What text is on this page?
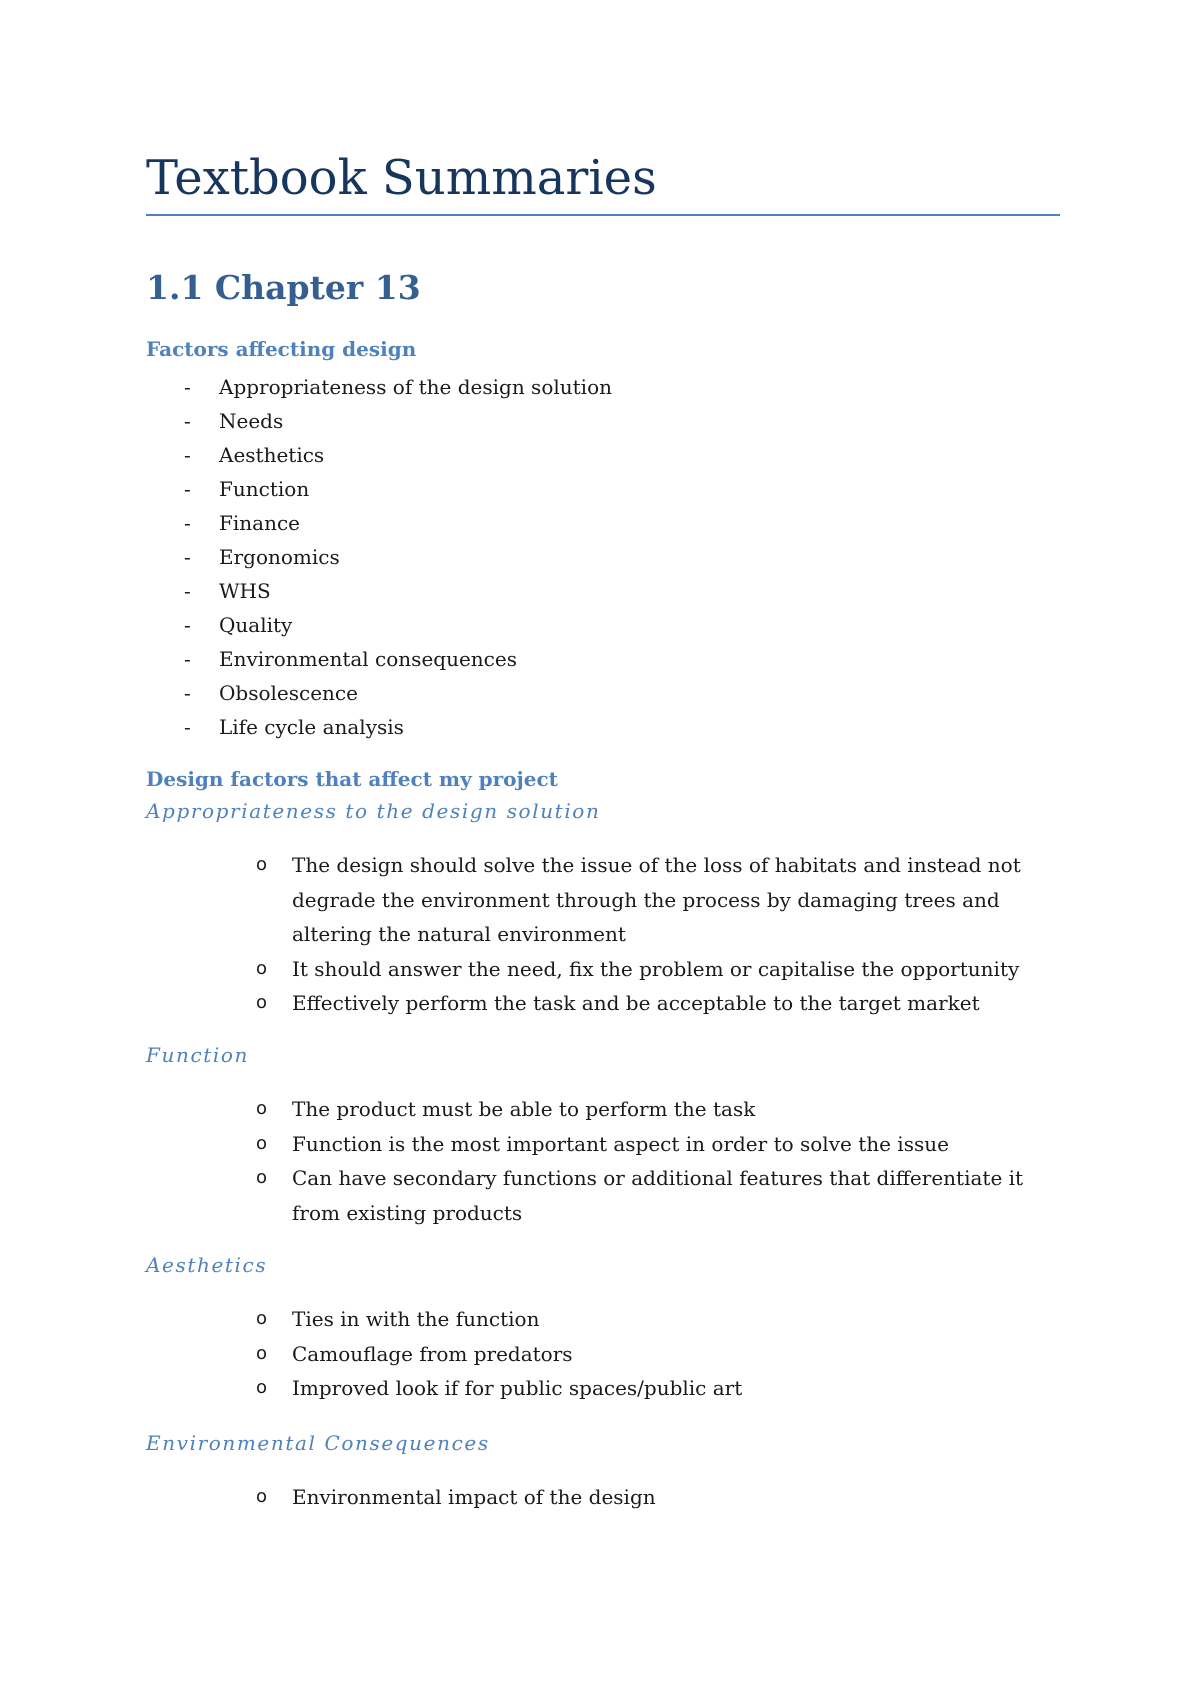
Textbook Summaries
1.1 Chapter 13
Factors affecting design
- Appropriateness of the design solution
- Needs
- Aesthetics
- Function
- Finance
- Ergonomics
- WHS
- Quality
- Environmental consequences
- Obsolescence
- Life cycle analysis
Design factors that affect my project
Appropriateness to the design solution
o The design should solve the issue of the loss of habitats and instead not degrade the environment through the process by damaging trees and altering the natural environment
o It should answer the need, fix the problem or capitalise the opportunity
o Effectively perform the task and be acceptable to the target market
Function
o The product must be able to perform the task
o Function is the most important aspect in order to solve the issue
o Can have secondary functions or additional features that differentiate it from existing products
Aesthetics
o Ties in with the function
o Camouflage from predators
o Improved look if for public spaces/public art
Environmental Consequences
o Environmental impact of the design
